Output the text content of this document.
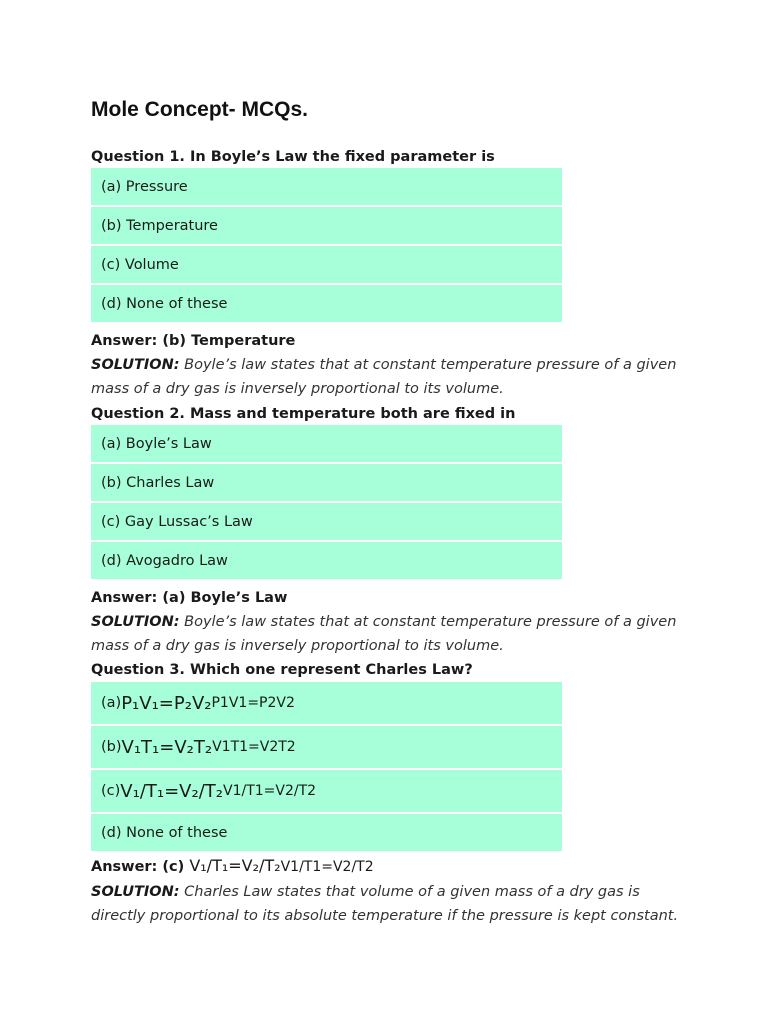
Mole Concept- MCQs.

Question 1. In Boyle’s Law the fixed parameter is

(a) Pressure
(b) Temperature
(c) Volume
(d) None of these

Answer: (b) Temperature

SOLUTION: Boyle’s law states that at constant temperature pressure of a given mass of a dry gas is inversely proportional to its volume.

Question 2. Mass and temperature both are fixed in

(a) Boyle’s Law
(b) Charles Law
(c) Gay Lussac’s Law
(d) Avogadro Law

Answer: (a) Boyle’s Law

SOLUTION: Boyle’s law states that at constant temperature pressure of a given mass of a dry gas is inversely proportional to its volume.

Question 3. Which one represent Charles Law?

(a) P₁V₁=P₂V₂ P1V1=P2V2
(b) V₁T₁=V₂T₂ V1T1=V2T2
(c) V₁/T₁=V₂/T₂ V1/T1=V2/T2
(d) None of these

Answer: (c) V₁/T₁=V₂/T₂V1/T1=V2/T2

SOLUTION: Charles Law states that volume of a given mass of a dry gas is directly proportional to its absolute temperature if the pressure is kept constant.
